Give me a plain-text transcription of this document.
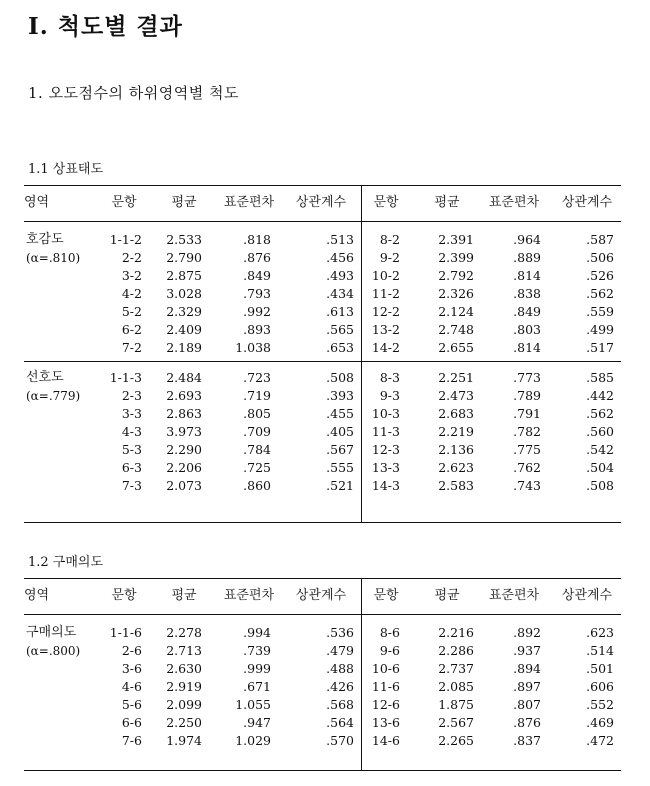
I. 척도별 결과
1. 오도점수의 하위영역별 척도
1.1 상표태도
영역	문항	평균	표준편차	상관계수	문항	평균	표준편차	상관계수
호감도
(α=.810)
1-1-2	2.533	.818	.513	8-2	2.391	.964	.587
2-2	2.790	.876	.456	9-2	2.399	.889	.506
3-2	2.875	.849	.493	10-2	2.792	.814	.526
4-2	3.028	.793	.434	11-2	2.326	.838	.562
5-2	2.329	.992	.613	12-2	2.124	.849	.559
6-2	2.409	.893	.565	13-2	2.748	.803	.499
7-2	2.189	1.038	.653	14-2	2.655	.814	.517
선호도
(α=.779)
1-1-3	2.484	.723	.508	8-3	2.251	.773	.585
2-3	2.693	.719	.393	9-3	2.473	.789	.442
3-3	2.863	.805	.455	10-3	2.683	.791	.562
4-3	3.973	.709	.405	11-3	2.219	.782	.560
5-3	2.290	.784	.567	12-3	2.136	.775	.542
6-3	2.206	.725	.555	13-3	2.623	.762	.504
7-3	2.073	.860	.521	14-3	2.583	.743	.508
1.2 구매의도
영역	문항	평균	표준편차	상관계수	문항	평균	표준편차	상관계수
구매의도
(α=.800)
1-1-6	2.278	.994	.536	8-6	2.216	.892	.623
2-6	2.713	.739	.479	9-6	2.286	.937	.514
3-6	2.630	.999	.488	10-6	2.737	.894	.501
4-6	2.919	.671	.426	11-6	2.085	.897	.606
5-6	2.099	1.055	.568	12-6	1.875	.807	.552
6-6	2.250	.947	.564	13-6	2.567	.876	.469
7-6	1.974	1.029	.570	14-6	2.265	.837	.472
